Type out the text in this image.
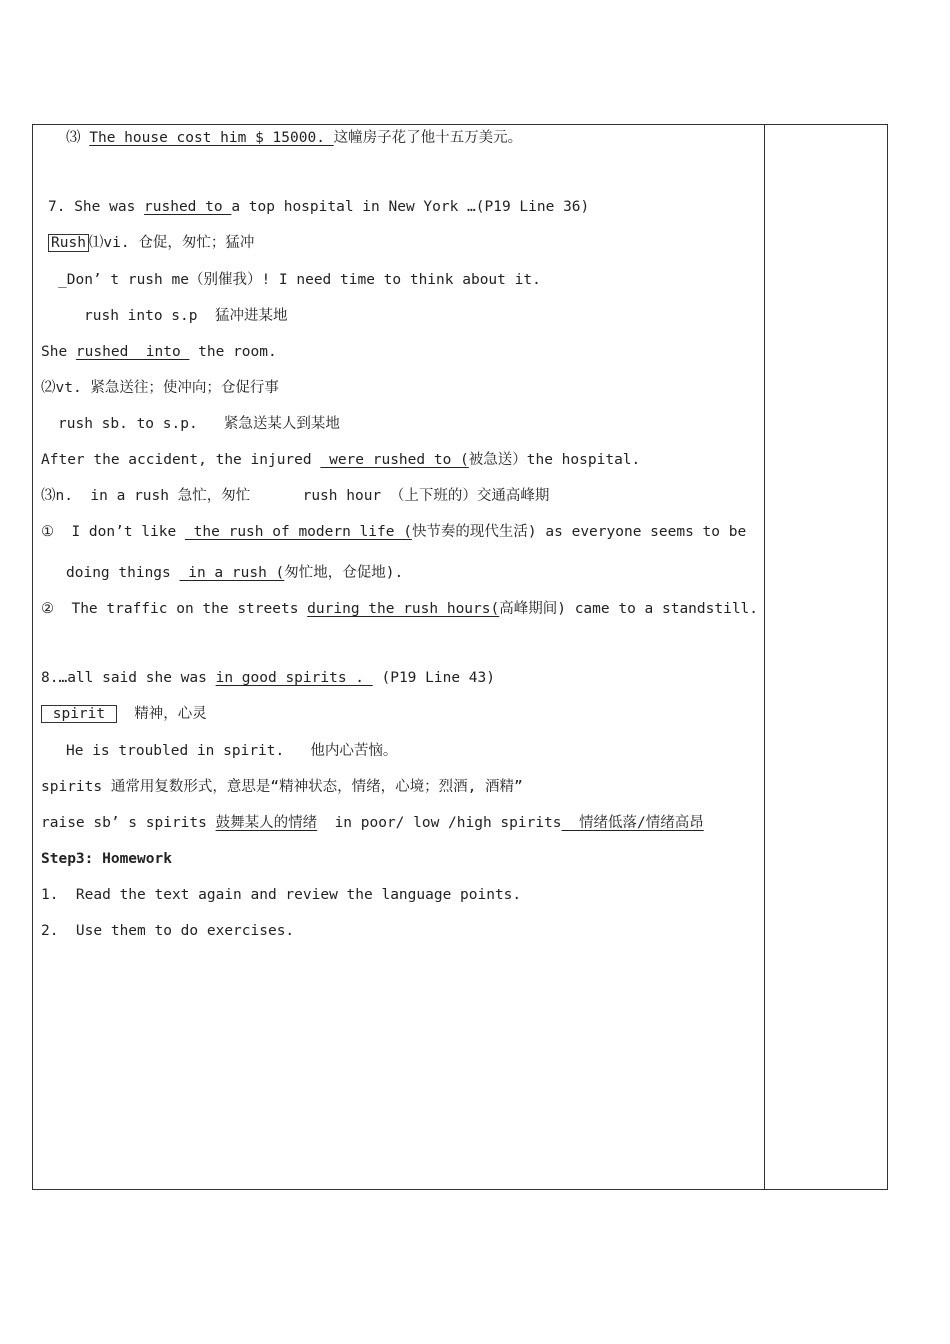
⑶ The house cost him $ 15000. 这幢房子花了他十五万美元。
7. She was rushed to a top hospital in New York …(P19 Line 36)
Rush ⑴vi. 仓促，匆忙；猛冲
_Don’ t rush me（别催我）! I need time to think about it.
rush into s.p  猛冲进某地
She rushed  into  the room.
⑵vt. 紧急送往；使冲向；仓促行事
rush sb. to s.p.   紧急送某人到某地
After the accident, the injured  were rushed to (被急送）the hospital.
⑶n.  in a rush 急忙，匆忙      rush hour （上下班的）交通高峰期
①  I don’t like  the rush of modern life (快节奏的现代生活) as everyone seems to be
doing things  in a rush (匆忙地，仓促地).
②  The traffic on the streets during the rush hours(高峰期间) came to a standstill.
8.…all said she was in good spirits .  (P19 Line 43)
spirit   精神，心灵
He is troubled in spirit.   他内心苦恼。
spirits 通常用复数形式，意思是“精神状态，情绪，心境；烈酒, 酒精”
raise sb’ s spirits 鼓舞某人的情绪  in poor/ low /high spirits  情绪低落/情绪高昂
Step3: Homework
1.  Read the text again and review the language points.
2.  Use them to do exercises.
